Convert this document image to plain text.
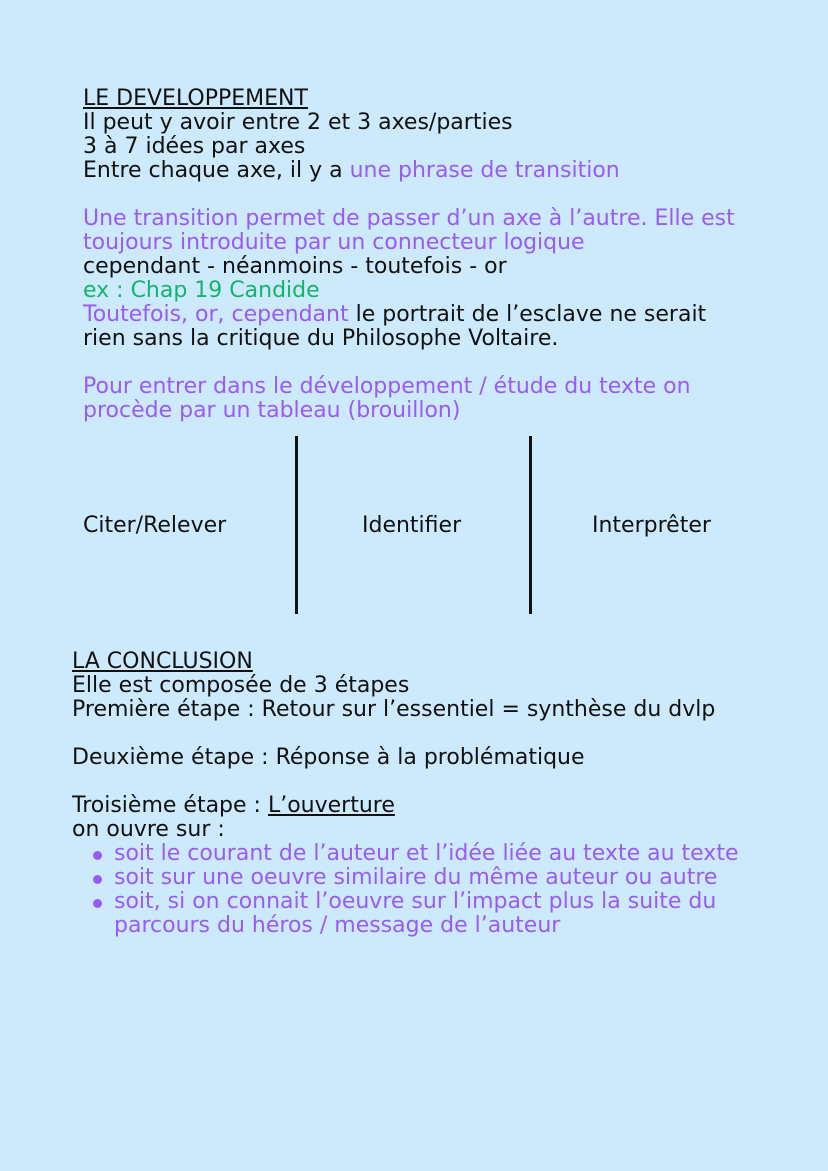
LE DEVELOPPEMENT

Il peut y avoir entre 2 et 3 axes/parties

3 à 7 idées par axes

Entre chaque axe, il y a une phrase de transition

Une transition permet de passer d’un axe à l’autre. Elle est

toujours introduite par un connecteur logique

cependant - néanmoins - toutefois - or

ex : Chap 19 Candide

Toutefois, or, cependant le portrait de l’esclave ne serait

rien sans la critique du Philosophe Voltaire.

Pour entrer dans le développement / étude du texte on

procède par un tableau (brouillon)

Citer/Relever	Identifier	Interprêter

LA CONCLUSION

Elle est composée de 3 étapes

Première étape : Retour sur l’essentiel = synthèse du dvlp

Deuxième étape : Réponse à la problématique

Troisième étape : L’ouverture

on ouvre sur :

soit le courant de l’auteur et l’idée liée au texte au texte
soit sur une oeuvre similaire du même auteur ou autre
soit, si on connait l’oeuvre sur l’impact plus la suite du
parcours du héros / message de l’auteur
